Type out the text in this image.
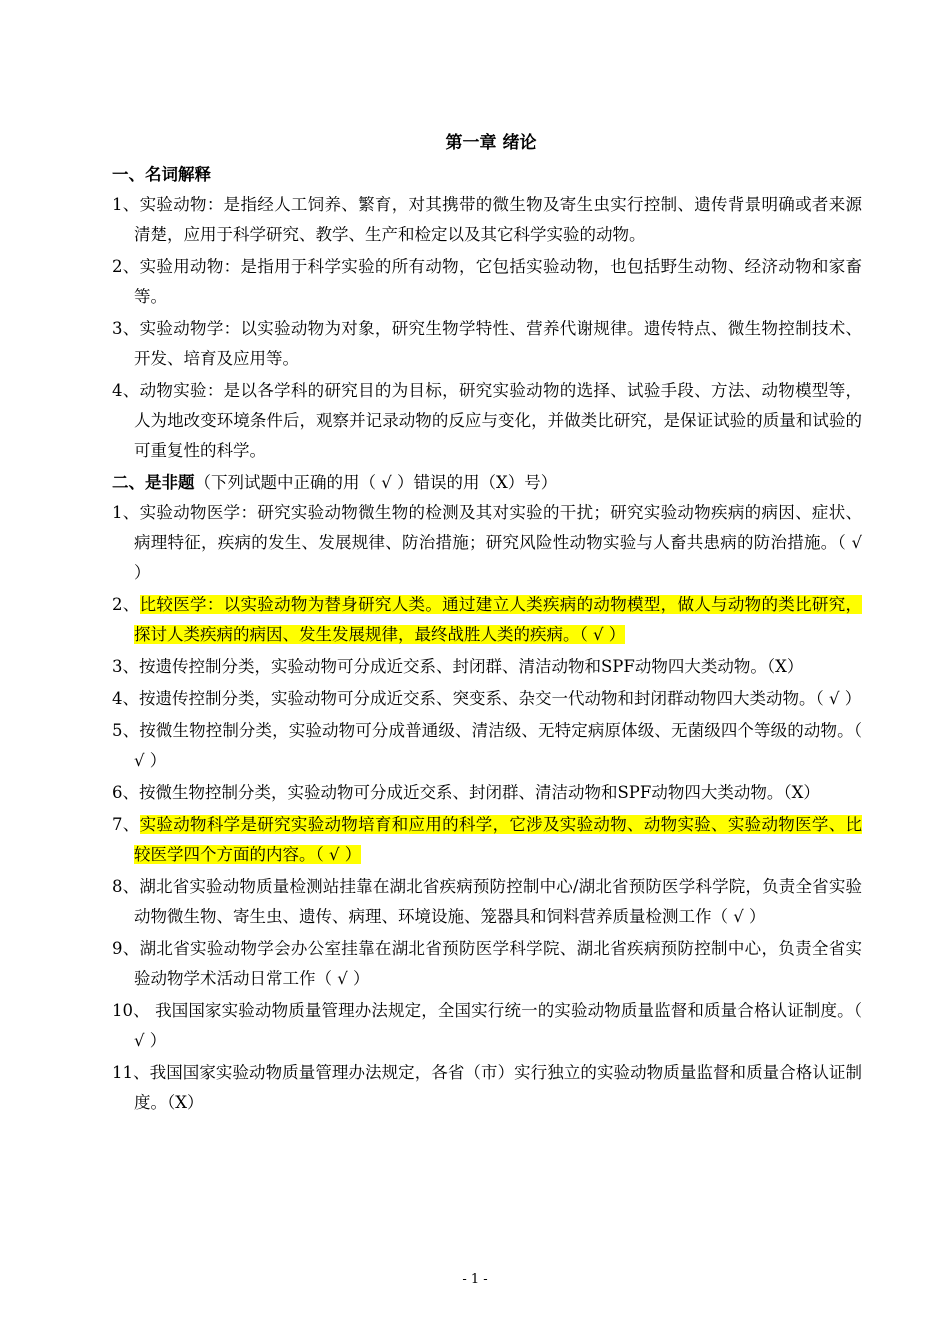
第一章 绪论
一、名词解释
1、实验动物：是指经人工饲养、繁育，对其携带的微生物及寄生虫实行控制、遗传背景明确或者来源清楚，应用于科学研究、教学、生产和检定以及其它科学实验的动物。
2、实验用动物：是指用于科学实验的所有动物，它包括实验动物，也包括野生动物、经济动物和家畜等。
3、实验动物学：以实验动物为对象，研究生物学特性、营养代谢规律。遗传特点、微生物控制技术、开发、培育及应用等。
4、动物实验：是以各学科的研究目的为目标，研究实验动物的选择、试验手段、方法、动物模型等，人为地改变环境条件后，观察并记录动物的反应与变化，并做类比研究，是保证试验的质量和试验的可重复性的科学。
二、是非题（下列试题中正确的用（ √ ）错误的用（X）号）
1、实验动物医学：研究实验动物微生物的检测及其对实验的干扰；研究实验动物疾病的病因、症状、病理特征，疾病的发生、发展规律、防治措施；研究风险性动物实验与人畜共患病的防治措施。（ √ ）
2、比较医学：以实验动物为替身研究人类。通过建立人类疾病的动物模型，做人与动物的类比研究，探讨人类疾病的病因、发生发展规律，最终战胜人类的疾病。（ √ ）
3、按遗传控制分类，实验动物可分成近交系、封闭群、清洁动物和SPF动物四大类动物。（X）
4、按遗传控制分类，实验动物可分成近交系、突变系、杂交一代动物和封闭群动物四大类动物。（ √ ）
5、按微生物控制分类，实验动物可分成普通级、清洁级、无特定病原体级、无菌级四个等级的动物。（ √ ）
6、按微生物控制分类，实验动物可分成近交系、封闭群、清洁动物和SPF动物四大类动物。（X）
7、实验动物科学是研究实验动物培育和应用的科学，它涉及实验动物、动物实验、实验动物医学、比较医学四个方面的内容。（ √ ）
8、湖北省实验动物质量检测站挂靠在湖北省疾病预防控制中心/湖北省预防医学科学院，负责全省实验动物微生物、寄生虫、遗传、病理、环境设施、笼器具和饲料营养质量检测工作（ √ ）
9、湖北省实验动物学会办公室挂靠在湖北省预防医学科学院、湖北省疾病预防控制中心，负责全省实验动物学术活动日常工作（ √ ）
10、 我国国家实验动物质量管理办法规定，全国实行统一的实验动物质量监督和质量合格认证制度。（ √ ）
11、我国国家实验动物质量管理办法规定，各省（市）实行独立的实验动物质量监督和质量合格认证制度。（X）
- 1 -
